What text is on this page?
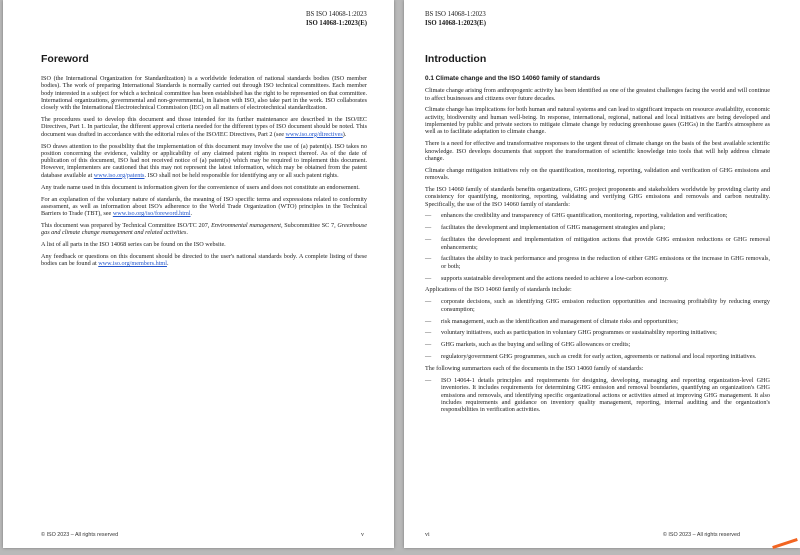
BS ISO 14068-1:2023
ISO 14068-1:2023(E)
Foreword

ISO (the International Organization for Standardization) is a worldwide federation of national standards bodies (ISO member bodies). The work of preparing International Standards is normally carried out through ISO technical committees. Each member body interested in a subject for which a technical committee has been established has the right to be represented on that committee. International organizations, governmental and non-governmental, in liaison with ISO, also take part in the work. ISO collaborates closely with the International Electrotechnical Commission (IEC) on all matters of electrotechnical standardization.

The procedures used to develop this document and those intended for its further maintenance are described in the ISO/IEC Directives, Part 1. In particular, the different approval criteria needed for the different types of ISO document should be noted. This document was drafted in accordance with the editorial rules of the ISO/IEC Directives, Part 2 (see www.iso.org/directives).

ISO draws attention to the possibility that the implementation of this document may involve the use of (a) patent(s). ISO takes no position concerning the evidence, validity or applicability of any claimed patent rights in respect thereof. As of the date of publication of this document, ISO had not received notice of (a) patent(s) which may be required to implement this document. However, implementers are cautioned that this may not represent the latest information, which may be obtained from the patent database available at www.iso.org/patents. ISO shall not be held responsible for identifying any or all such patent rights.

Any trade name used in this document is information given for the convenience of users and does not constitute an endorsement.

For an explanation of the voluntary nature of standards, the meaning of ISO specific terms and expressions related to conformity assessment, as well as information about ISO's adherence to the World Trade Organization (WTO) principles in the Technical Barriers to Trade (TBT), see www.iso.org/iso/foreword.html.

This document was prepared by Technical Committee ISO/TC 207, Environmental management, Subcommittee SC 7, Greenhouse gas and climate change management and related activities.

A list of all parts in the ISO 14068 series can be found on the ISO website.

Any feedback or questions on this document should be directed to the user's national standards body. A complete listing of these bodies can be found at www.iso.org/members.html.

© ISO 2023 – All rights reserved	v
BS ISO 14068-1:2023
ISO 14068-1:2023(E)
Introduction
0.1 Climate change and the ISO 14060 family of standards

Climate change arising from anthropogenic activity has been identified as one of the greatest challenges facing the world and will continue to affect businesses and citizens over future decades.

Climate change has implications for both human and natural systems and can lead to significant impacts on resource availability, economic activity, biodiversity and human well-being. In response, international, regional, national and local initiatives are being developed and implemented by public and private sectors to mitigate climate change by reducing greenhouse gases (GHGs) in the Earth's atmosphere as well as to facilitate adaptation to climate change.

There is a need for effective and transformative responses to the urgent threat of climate change on the basis of the best available scientific knowledge. ISO develops documents that support the transformation of scientific knowledge into tools that will help address climate change.

Climate change mitigation initiatives rely on the quantification, monitoring, reporting, validation and verification of GHG emissions and removals.

The ISO 14060 family of standards benefits organizations, GHG project proponents and stakeholders worldwide by providing clarity and consistency for quantifying, monitoring, reporting, validating and verifying GHG emissions and removals and carbon neutrality. Specifically, the use of the ISO 14060 family of standards:

— enhances the credibility and transparency of GHG quantification, monitoring, reporting, validation and verification;
— facilitates the development and implementation of GHG management strategies and plans;
— facilitates the development and implementation of mitigation actions that provide GHG emission reductions or GHG removal enhancements;
— facilitates the ability to track performance and progress in the reduction of either GHG emissions or the increase in GHG removals, or both;
— supports sustainable development and the actions needed to achieve a low-carbon economy.

Applications of the ISO 14060 family of standards include:

— corporate decisions, such as identifying GHG emission reduction opportunities and increasing profitability by reducing energy consumption;
— risk management, such as the identification and management of climate risks and opportunities;
— voluntary initiatives, such as participation in voluntary GHG programmes or sustainability reporting initiatives;
— GHG markets, such as the buying and selling of GHG allowances or credits;
— regulatory/government GHG programmes, such as credit for early action, agreements or national and local reporting initiatives.

The following summarizes each of the documents in the ISO 14060 family of standards:

— ISO 14064-1 details principles and requirements for designing, developing, managing and reporting organization-level GHG inventories. It includes requirements for determining GHG emission and removal boundaries, quantifying an organization's GHG emissions and removals, and identifying specific organizational actions or activities aimed at improving GHG management. It also includes requirements and guidance on inventory quality management, reporting, internal auditing and the organization's responsibilities in verification activities.
vi	© ISO 2023 – All rights reserved
